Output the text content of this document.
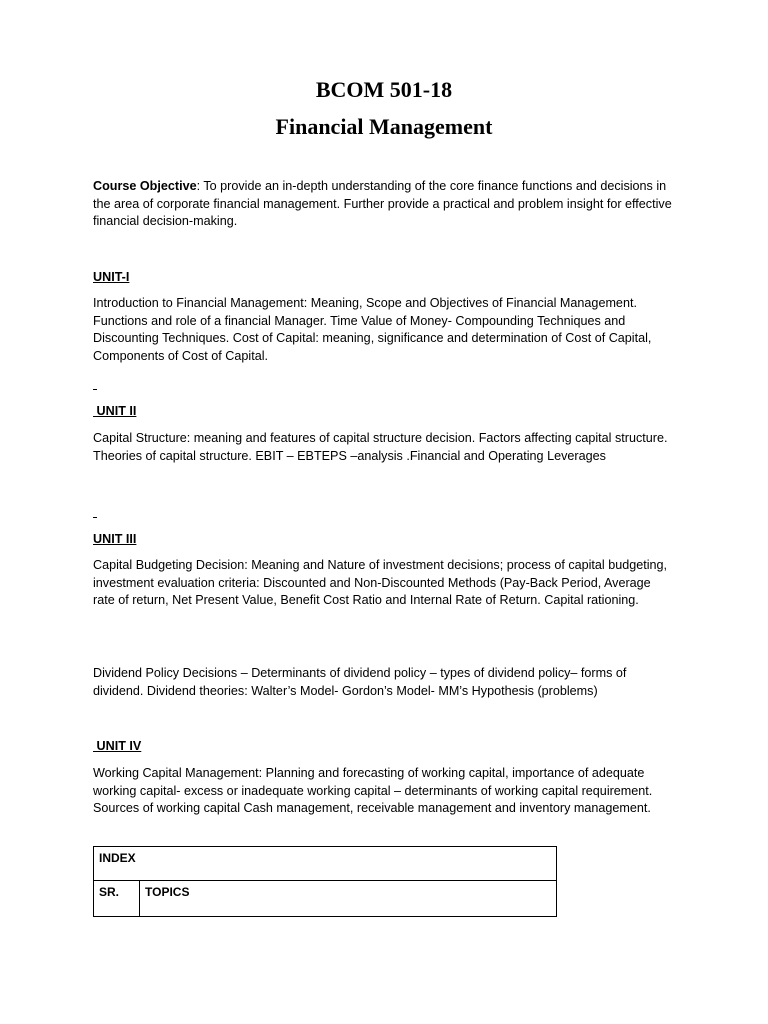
BCOM 501-18
Financial Management
Course Objective: To provide an in-depth understanding of the core finance functions and decisions in the area of corporate financial management. Further provide a practical and problem insight for effective financial decision-making.
UNIT-I
Introduction to Financial Management: Meaning, Scope and Objectives of Financial Management. Functions and role of a financial Manager. Time Value of Money- Compounding Techniques and Discounting Techniques. Cost of Capital: meaning, significance and determination of Cost of Capital, Components of Cost of Capital.
UNIT II
Capital Structure: meaning and features of capital structure decision. Factors affecting capital structure. Theories of capital structure. EBIT – EBTEPS –analysis .Financial and Operating Leverages
UNIT III
Capital Budgeting Decision: Meaning and Nature of investment decisions; process of capital budgeting, investment evaluation criteria: Discounted and Non-Discounted Methods (Pay-Back Period, Average rate of return, Net Present Value, Benefit Cost Ratio and Internal Rate of Return. Capital rationing.
Dividend Policy Decisions – Determinants of dividend policy – types of dividend policy– forms of dividend. Dividend theories: Walter’s Model- Gordon’s Model- MM’s Hypothesis (problems)
UNIT IV
Working Capital Management: Planning and forecasting of working capital, importance of adequate working capital- excess or inadequate working capital – determinants of working capital requirement. Sources of working capital Cash management, receivable management and inventory management.
INDEX
SR.	TOPICS
